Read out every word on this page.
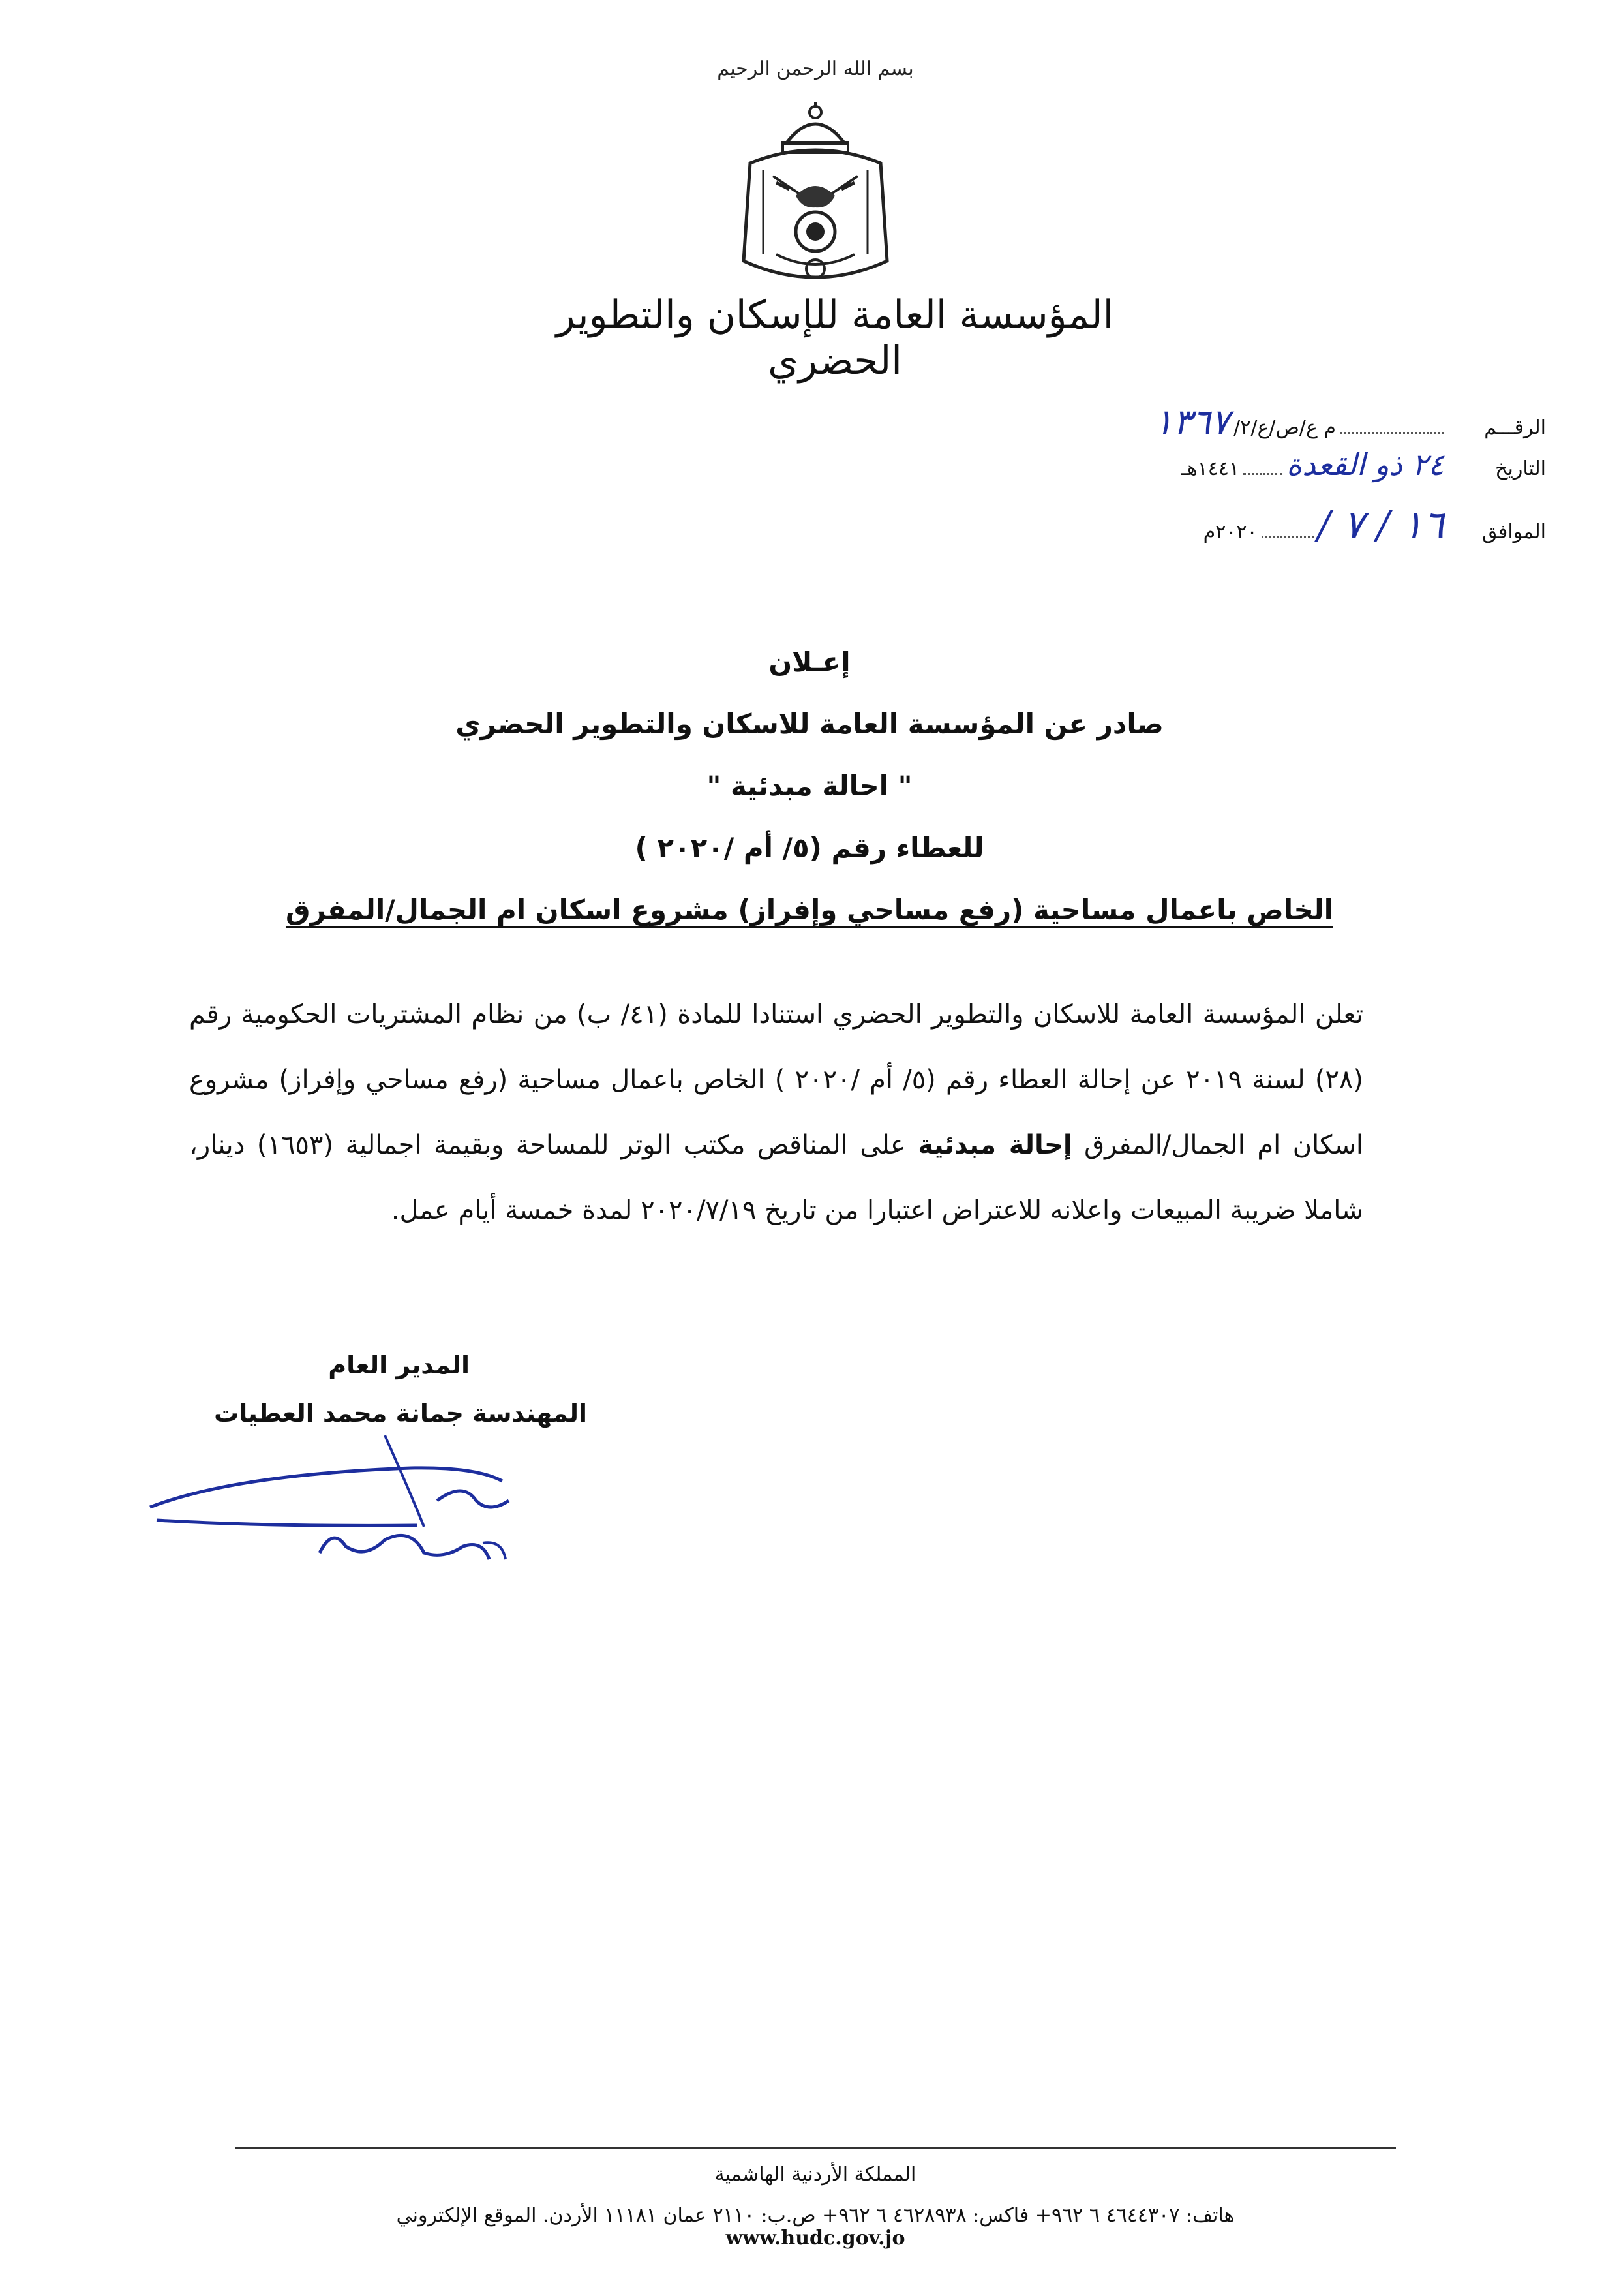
بسم الله الرحمن الرحيم
المؤسسة العامة للإسكان والتطوير الحضري
الرقـــم
م ع/ص/ع/٢/
١٣٦٧
التاريخ
٢٤ ذو القعدة
١٤٤١هـ
الموافق
١٦ / ٧ /
٢٠٢٠م
إعـلان
صادر عن المؤسسة العامة للاسكان والتطوير الحضري
" احالة مبدئية "
للعطاء رقم (٥/ أم /٢٠٢٠ )
الخاص باعمال مساحية (رفع مساحي وإفراز) مشروع اسكان ام الجمال/المفرق
تعلن المؤسسة العامة للاسكان والتطوير الحضري استنادا للمادة (٤١/ ب) من نظام المشتريات الحكومية رقم (٢٨) لسنة ٢٠١٩ عن إحالة العطاء رقم (٥/ أم /٢٠٢٠ ) الخاص باعمال مساحية (رفع مساحي وإفراز) مشروع اسكان ام الجمال/المفرق إحالة مبدئية على المناقص مكتب الوتر للمساحة وبقيمة اجمالية (١٦٥٣) دينار، شاملا ضريبة المبيعات واعلانه للاعتراض اعتبارا من تاريخ ٢٠٢٠/٧/١٩ لمدة خمسة أيام عمل.
المدير العام
المهندسة جمانة محمد العطيات
المملكة الأردنية الهاشمية
هاتف: ٤٦٤٤٣٠٧ ٦ ٩٦٢+ فاكس: ٤٦٢٨٩٣٨ ٦ ٩٦٢+ ص.ب: ٢١١٠ عمان ١١١٨١ الأردن. الموقع الإلكتروني www.hudc.gov.jo
